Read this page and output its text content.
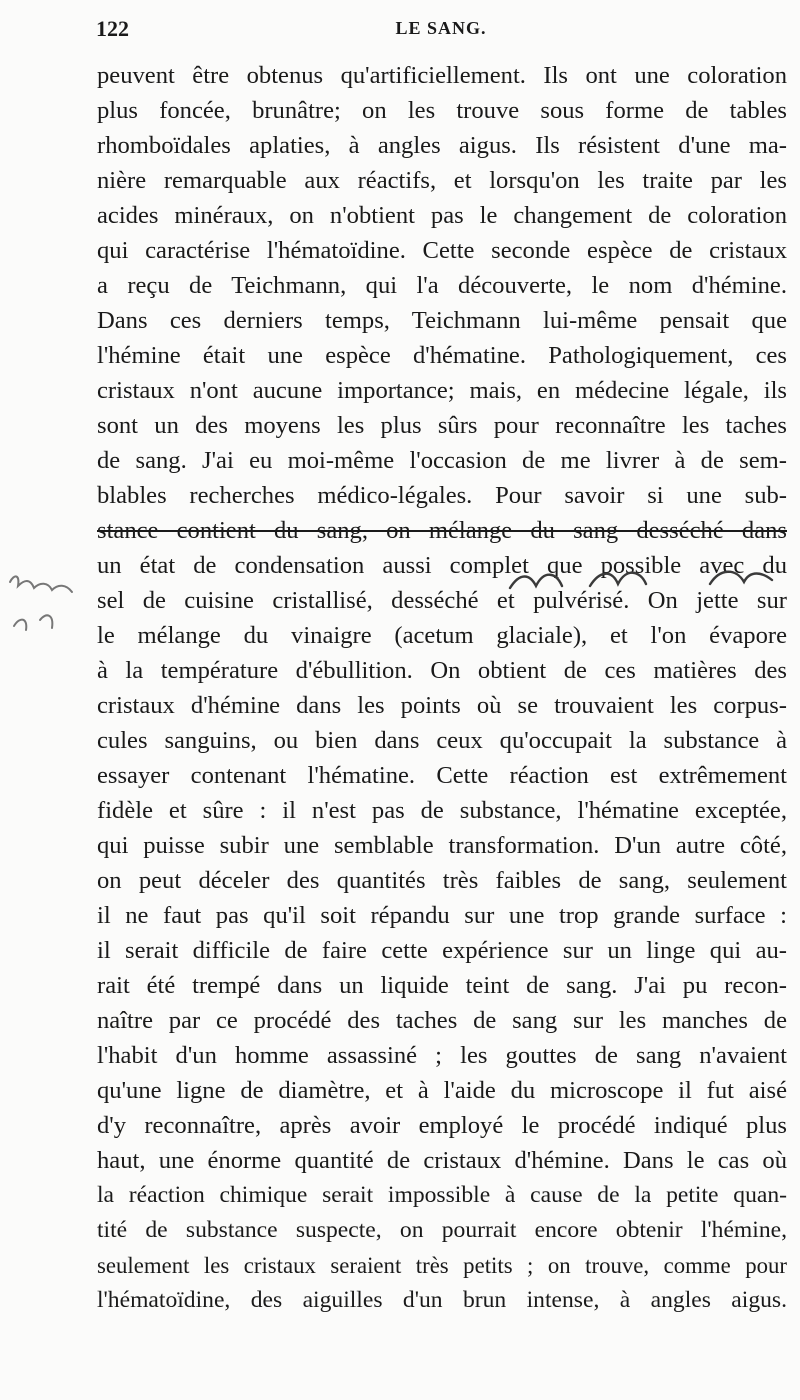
122	LE SANG.
peuvent être obtenus qu'artificiellement. Ils ont une coloration
plus foncée, brunâtre; on les trouve sous forme de tables
rhomboïdales aplaties, à angles aigus. Ils résistent d'une ma-
nière remarquable aux réactifs, et lorsqu'on les traite par les
acides minéraux, on n'obtient pas le changement de coloration
qui caractérise l'hématoïdine. Cette seconde espèce de cristaux
a reçu de Teichmann, qui l'a découverte, le nom d'hémine.
Dans ces derniers temps, Teichmann lui-même pensait que
l'hémine était une espèce d'hématine. Pathologiquement, ces
cristaux n'ont aucune importance; mais, en médecine légale, ils
sont un des moyens les plus sûrs pour reconnaître les taches
de sang. J'ai eu moi-même l'occasion de me livrer à de sem-
blables recherches médico-légales. Pour savoir si une sub-
stance contient du sang, on mélange du sang desséché dans
un état de condensation aussi complet que possible avec du
sel de cuisine cristallisé, desséché et pulvérisé. On jette sur
le mélange du vinaigre (acetum glaciale), et l'on évapore
à la température d'ébullition. On obtient de ces matières des
cristaux d'hémine dans les points où se trouvaient les corpus-
cules sanguins, ou bien dans ceux qu'occupait la substance à
essayer contenant l'hématine. Cette réaction est extrêmement
fidèle et sûre : il n'est pas de substance, l'hématine exceptée,
qui puisse subir une semblable transformation. D'un autre côté,
on peut déceler des quantités très faibles de sang, seulement
il ne faut pas qu'il soit répandu sur une trop grande surface :
il serait difficile de faire cette expérience sur un linge qui au-
rait été trempé dans un liquide teint de sang. J'ai pu recon-
naître par ce procédé des taches de sang sur les manches de
l'habit d'un homme assassiné ; les gouttes de sang n'avaient
qu'une ligne de diamètre, et à l'aide du microscope il fut aisé
d'y reconnaître, après avoir employé le procédé indiqué plus
haut, une énorme quantité de cristaux d'hémine. Dans le cas où
la réaction chimique serait impossible à cause de la petite quan-
tité de substance suspecte, on pourrait encore obtenir l'hémine,
seulement les cristaux seraient très petits ; on trouve, comme pour
l'hématoïdine, des aiguilles d'un brun intense, à angles aigus.
